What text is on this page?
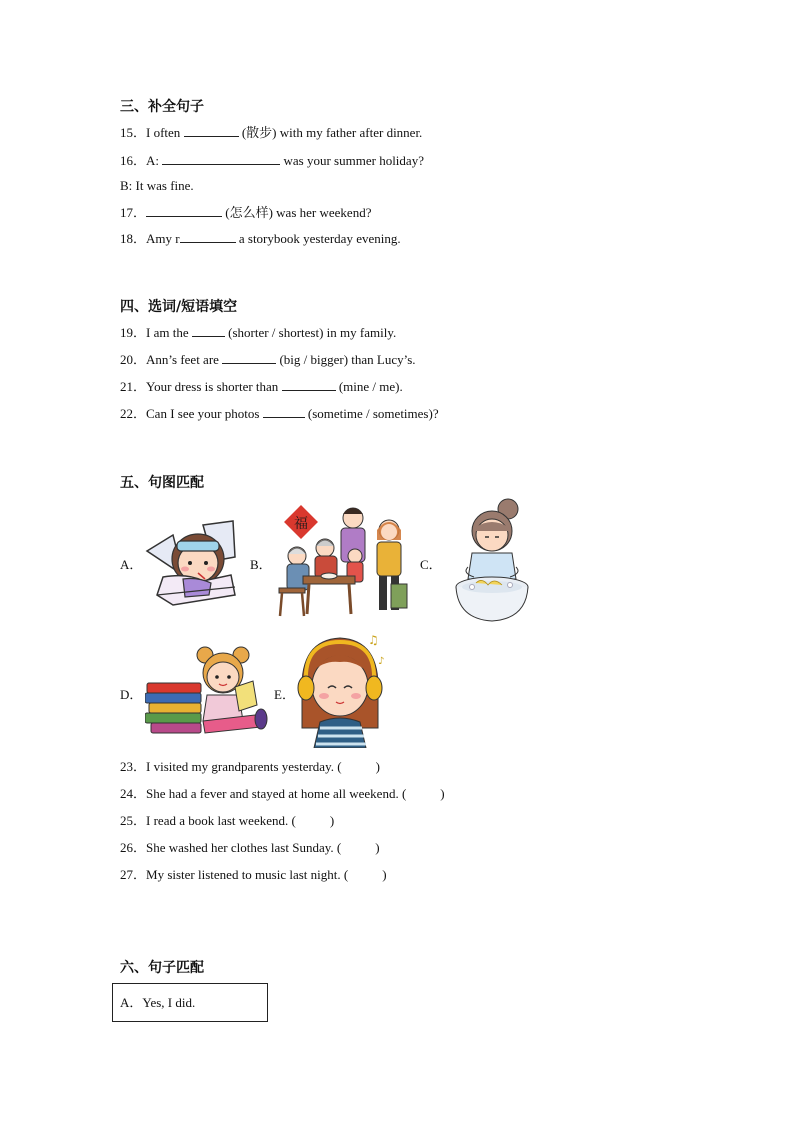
三、补全句子
15．I often	(散步) with my father after dinner.
16．A:	was your summer holiday?
B: It was fine.
17．	(怎么样) was her weekend?
18．Amy r	a storybook yesterday evening.
四、选词/短语填空
19．I am the	(shorter / shortest) in my family.
20．Ann’s feet are	(big / bigger) than Lucy’s.
21．Your dress is shorter than	(mine / me).
22．Can I see your photos	(sometime / sometimes)?
五、句图匹配
A．	B．	C．
D．	E．
福
♫
♪
23．I visited my grandparents yesterday. (	)
24．She had a fever and stayed at home all weekend. (	)
25．I read a book last weekend. (	)
26．She washed her clothes last Sunday. (	)
27．My sister listened to music last night. (	)
六、句子匹配
A．Yes, I did.
